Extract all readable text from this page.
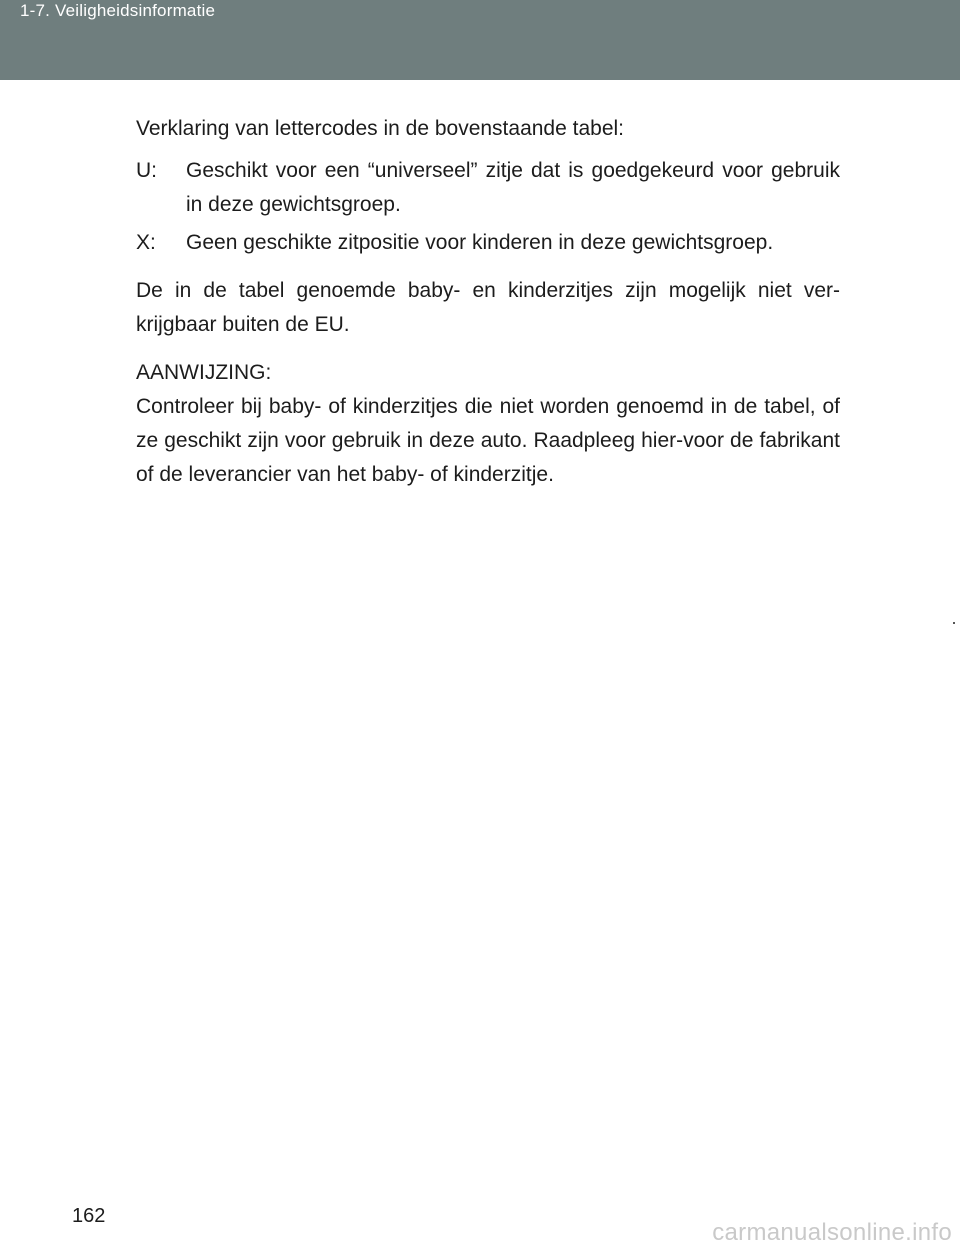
1-7. Veiligheidsinformatie

Verklaring van lettercodes in de bovenstaande tabel:

U:	Geschikt voor een “universeel” zitje dat is goedgekeurd voor gebruik in deze gewichtsgroep.
X:	Geen geschikte zitpositie voor kinderen in deze gewichtsgroep.

De in de tabel genoemde baby- en kinderzitjes zijn mogelijk niet ver-krijgbaar buiten de EU.

AANWIJZING:

Controleer bij baby- of kinderzitjes die niet worden genoemd in de tabel, of ze geschikt zijn voor gebruik in deze auto. Raadpleeg hier-voor de fabrikant of de leverancier van het baby- of kinderzitje.

162
carmanualsonline.info
